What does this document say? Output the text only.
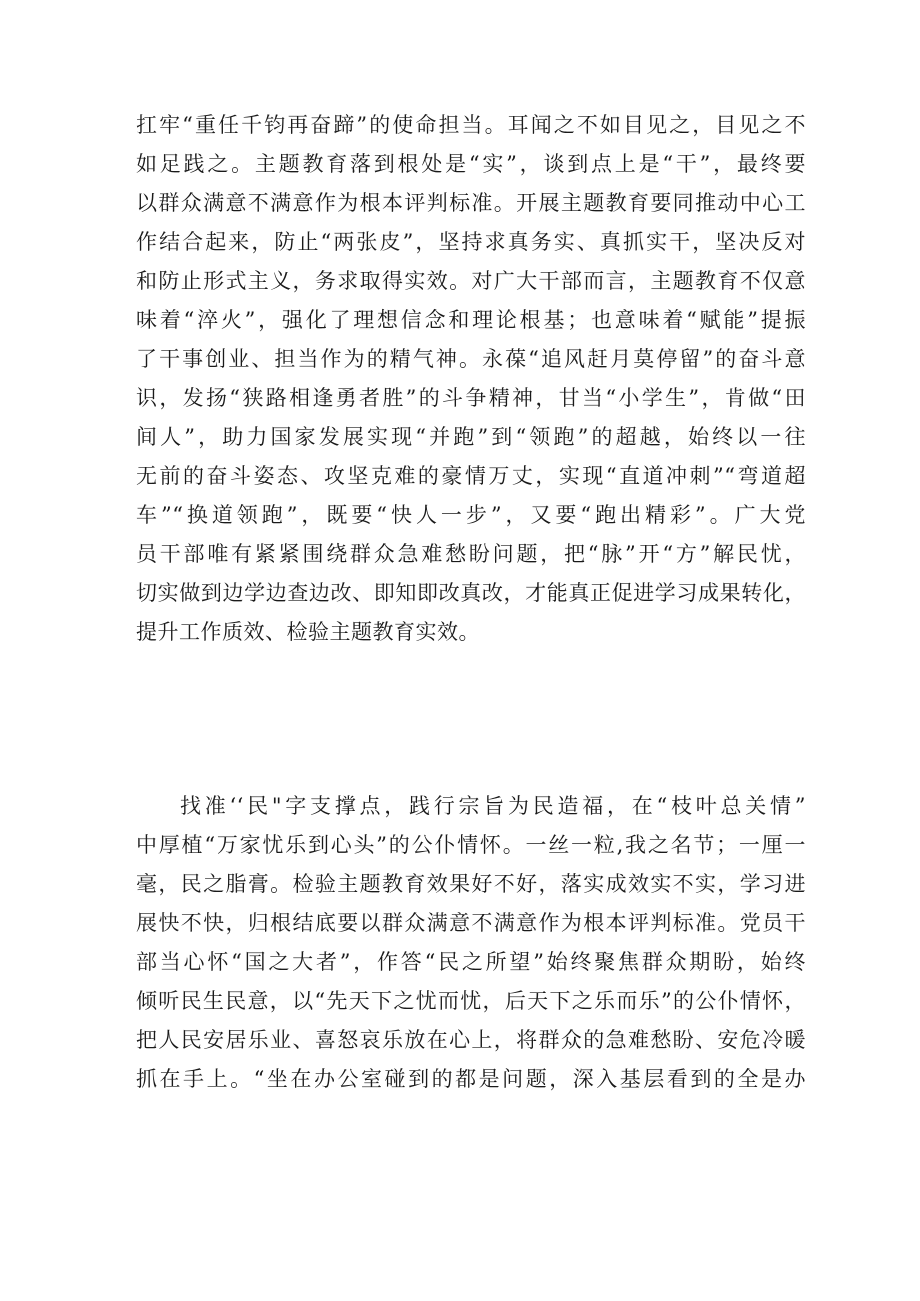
扛牢“重任千钧再奋蹄”的使命担当。耳闻之不如目见之，目见之不
如足践之。主题教育落到根处是“实”，谈到点上是“干”，最终要
以群众满意不满意作为根本评判标准。开展主题教育要同推动中心工
作结合起来，防止“两张皮”，坚持求真务实、真抓实干，坚决反对
和防止形式主义，务求取得实效。对广大干部而言，主题教育不仅意
味着“淬火”，强化了理想信念和理论根基；也意味着“赋能”提振
了干事创业、担当作为的精气神。永葆“追风赶月莫停留”的奋斗意
识，发扬“狭路相逢勇者胜”的斗争精神，甘当“小学生”，肯做“田
间人”，助力国家发展实现“并跑”到“领跑”的超越，始终以一往
无前的奋斗姿态、攻坚克难的豪情万丈，实现“直道冲刺”“弯道超
车”“换道领跑”，既要“快人一步”，又要“跑出精彩”。广大党
员干部唯有紧紧围绕群众急难愁盼问题，把“脉”开“方”解民忧，
切实做到边学边查边改、即知即改真改，才能真正促进学习成果转化，
提升工作质效、检验主题教育实效。
找准‘‘民"字支撑点，践行宗旨为民造福，在“枝叶总关情”
中厚植“万家忧乐到心头”的公仆情怀。一丝一粒,我之名节；一厘一
毫，民之脂膏。检验主题教育效果好不好，落实成效实不实，学习进
展快不快，归根结底要以群众满意不满意作为根本评判标准。党员干
部当心怀“国之大者”，作答“民之所望”始终聚焦群众期盼，始终
倾听民生民意，以“先天下之忧而忧，后天下之乐而乐”的公仆情怀，
把人民安居乐业、喜怒哀乐放在心上，将群众的急难愁盼、安危冷暖
抓在手上。“坐在办公室碰到的都是问题，深入基层看到的全是办
